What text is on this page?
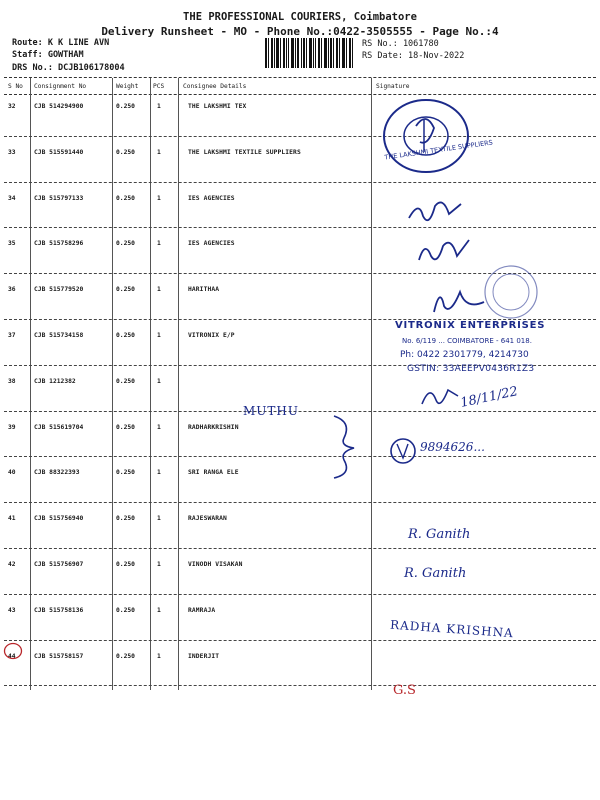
THE PROFESSIONAL COURIERS, Coimbatore
Delivery Runsheet - MO - Phone No.:0422-3505555 - Page No.:4
Route: K K LINE AVN
Staff: GOWTHAM
DRS No.: DCJB106178004
RS No.: 1061780
RS Date: 18-Nov-2022
S No Consignment No	Weight PCS	Consignee Details	Signature
32	CJB 514294900	0.250	1	THE LAKSHMI TEX
33	CJB 515591440	0.250	1	THE LAKSHMI TEXTILE SUPPLIERS
34	CJB 515797133	0.250	1	IES AGENCIES
35	CJB 515758296	0.250	1	IES AGENCIES
36	CJB 515779520	0.250	1	HARITHAA
37	CJB 515734158	0.250	1	VITRONIX E/P
38	CJB 1212382	0.250	1
39	CJB 515619704	0.250	1	RADHARKRISHIN
40	CJB 88322393	0.250	1	SRI RANGA ELE
41	CJB 515756940	0.250	1	RAJESWARAN
42	CJB 515756907	0.250	1	VINODH VISAKAN
43	CJB 515758136	0.250	1	RAMRAJA
44	CJB 515758157	0.250	1	INDERJIT
THE LAKSHMI TEXTILE SUPPLIERS
VITRONIX ENTERPRISES
No. 6/119 ... COIMBATORE - 641 018.
Ph: 0422 2301779, 4214730
GSTIN: 33AEEPV0436R1Z3
18/11/22
MUTHU
9894626...
R. Ganith
R. Ganith
RADHA KRISHNA
G.S
